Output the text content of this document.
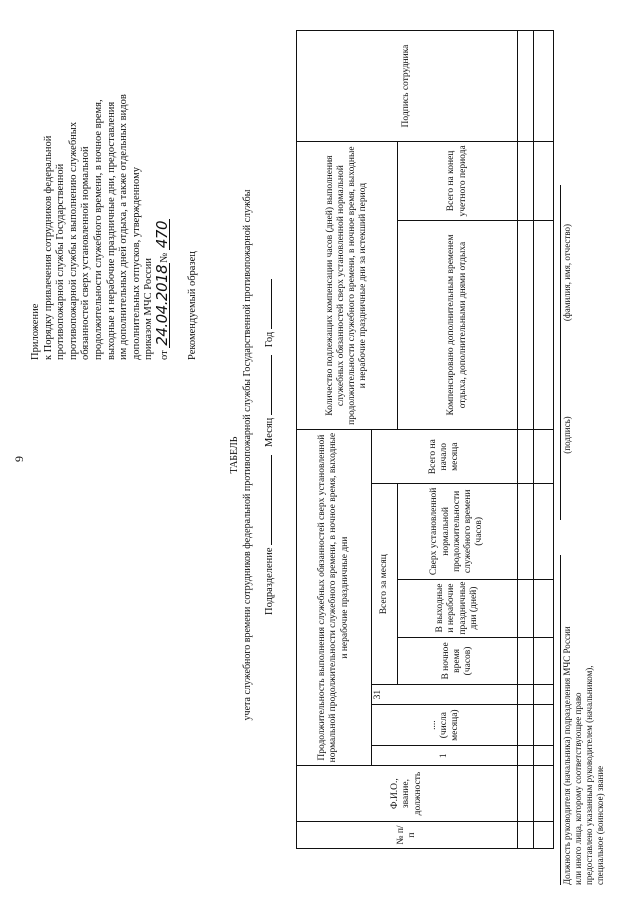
9
Приложение к Порядку привлечения сотрудников федеральной противопожарной службы Государственной противопожарной службы к выполнению служебных обязанностей сверх установленной нормальной продолжительности служебного времени, в ночное время, выходные и нерабочие праздничные дни, предоставления им дополнительных дней отдыха, а также отдельных видов дополнительных отпусков, утвержденному приказом МЧС России от 24.04.2018№ 470
Рекомендуемый образец
ТАБЕЛЬ учета служебного времени сотрудников федеральной противопожарной службы Государственной противопожарной службы Подразделение    Месяц    Год
№ п/п	Ф.И.О., звание, должность	Продолжительность выполнения служебных обязанностей сверх установленной нормальной продолжительности служебного времени, в ночное время, выходные и нерабочие праздничные дни							Количество подлежащих компенсации часов (дней) выполнения служебных обязанностей сверх установленной нормальной продолжительности служебного времени, в ночное время, выходные и нерабочие праздничные дни за истекший период		Подпись сотрудника
		1	.... (числа месяца)	31	Всего за месяц			Всего на начало месяца			
					В ночное время (часов)	В выходные и нерабочие праздничные дни (дней)	Сверх установленной нормальной продолжительности служебного времени (часов)		Компенсировано дополнительным временем отдыха, дополнительными днями отдыха	Всего на конец учетного периода	

Должность руководителя (начальника) подразделения МЧС России или иного лица, которому соответствующее право предоставлено указанным руководителем (начальником), специальное (воинское) звание
(подпись)
(фамилия, имя, отчество)
